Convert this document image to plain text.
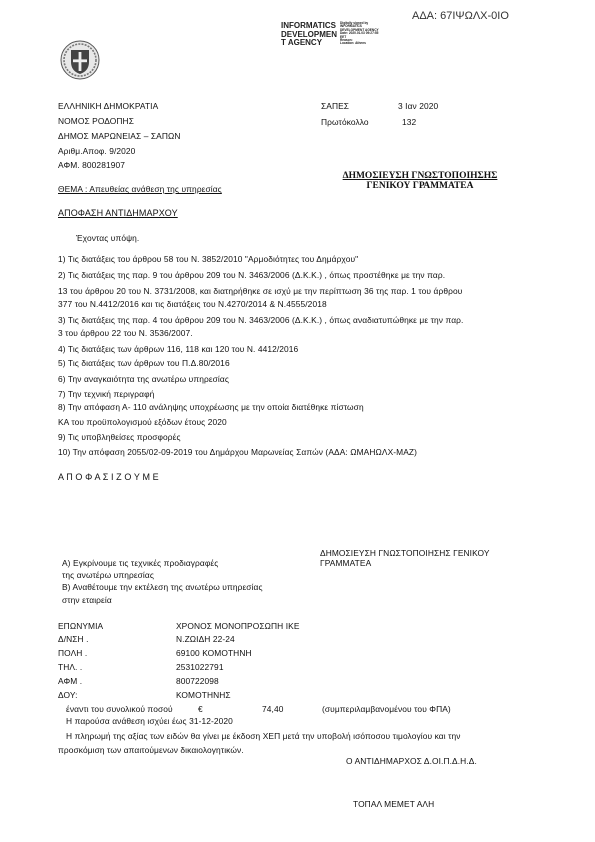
ΑΔΑ: 67ΙΨΩΛΧ-0ΙΟ
INFORMATICS
DEVELOPMEN
T AGENCY
Digitally signed by
INFORMATICS
DEVELOPMENT AGENCY
Date: 2020.01.03 09:27:55
EET
Reason:
Location: Athens
ΕΛΛΗΝΙΚΗ ΔΗΜΟΚΡΑΤΙΑ
ΝΟΜΟΣ ΡΟΔΟΠΗΣ
ΔΗΜΟΣ ΜΑΡΩΝΕΙΑΣ – ΣΑΠΩΝ
Αριθμ.Αποφ. 9/2020
ΑΦΜ. 800281907
ΣΑΠΕΣ	3 Ιαν 2020
Πρωτόκολλο	132
ΔΗΜΟΣΙΕΥΣΗ ΓΝΩΣΤΟΠΟΙΗΣΗΣ
ΓΕΝΙΚΟΥ ΓΡΑΜΜΑΤΕΑ
ΘΕΜΑ : Απευθείας ανάθεση της υπηρεσίας
ΑΠΟΦΑΣΗ ΑΝΤΙΔΗΜΑΡΧΟΥ
Έχοντας υπόψη.
1) Τις διατάξεις του άρθρου 58 του Ν. 3852/2010 "Αρμοδιότητες του Δημάρχου"
2) Τις διατάξεις της παρ. 9 του άρθρου 209 του Ν. 3463/2006 (Δ.Κ.Κ.) , όπως προστέθηκε με την παρ.
13 του άρθρου 20 του Ν. 3731/2008, και διατηρήθηκε σε ισχύ με την περίπτωση 36 της παρ. 1 του άρθρου
377 του Ν.4412/2016 και τις διατάξεις του Ν.4270/2014 & Ν.4555/2018
3) Τις διατάξεις της παρ. 4 του άρθρου 209 του Ν. 3463/2006 (Δ.Κ.Κ.) , όπως αναδιατυπώθηκε με την παρ.
3 του άρθρου 22 του Ν. 3536/2007.
4) Τις διατάξεις των άρθρων 116, 118 και 120 του Ν. 4412/2016
5) Τις διατάξεις των άρθρων του Π.Δ.80/2016
6) Την αναγκαιότητα της ανωτέρω υπηρεσίας
7) Την τεχνική περιγραφή
8) Την απόφαση Α- 110 ανάληψης υποχρέωσης με την οποία διατέθηκε πίστωση
ΚΑ του προϋπολογισμού εξόδων έτους 2020
9) Τις υποβληθείσες προσφορές
10) Την απόφαση 2055/02-09-2019 του Δημάρχου Μαρωνείας Σαπών (ΑΔΑ: ΩΜΑΗΩΛΧ-ΜΑΖ)
Α Π Ο Φ Α Σ Ι Ζ Ο Υ Μ Ε
ΔΗΜΟΣΙΕΥΣΗ ΓΝΩΣΤΟΠΟΙΗΣΗΣ ΓΕΝΙΚΟΥ
ΓΡΑΜΜΑΤΕΑ
Α) Εγκρίνουμε τις τεχνικές προδιαγραφές
της ανωτέρω υπηρεσίας
Β) Αναθέτουμε την εκτέλεση της ανωτέρω υπηρεσίας
στην εταιρεία
ΕΠΩΝΥΜΙΑ	ΧΡΟΝΟΣ ΜΟΝΟΠΡΟΣΩΠΗ ΙΚΕ
Δ/ΝΣΗ .	Ν.ΖΩΙΔΗ 22-24
ΠΟΛΗ .	69100 ΚΟΜΟΤΗΝΗ
ΤΗΛ. .	2531022791
ΑΦΜ .	800722098
ΔΟΥ:	ΚΟΜΟΤΗΝΗΣ
έναντι του συνολικού ποσού	€	74,40	(συμπεριλαμβανομένου του ΦΠΑ)
Η παρούσα ανάθεση ισχύει έως 31-12-2020
Η πληρωμή της αξίας των ειδών θα γίνει με έκδοση ΧΕΠ μετά την υποβολή ισόποσου τιμολογίου και την
προσκόμιση των απαιτούμενων δικαιολογητικών.
Ο ΑΝΤΙΔΗΜΑΡΧΟΣ Δ.ΟΙ.Π.Δ.Η.Δ.
ΤΟΠΑΛ ΜΕΜΕΤ ΑΛΗ
